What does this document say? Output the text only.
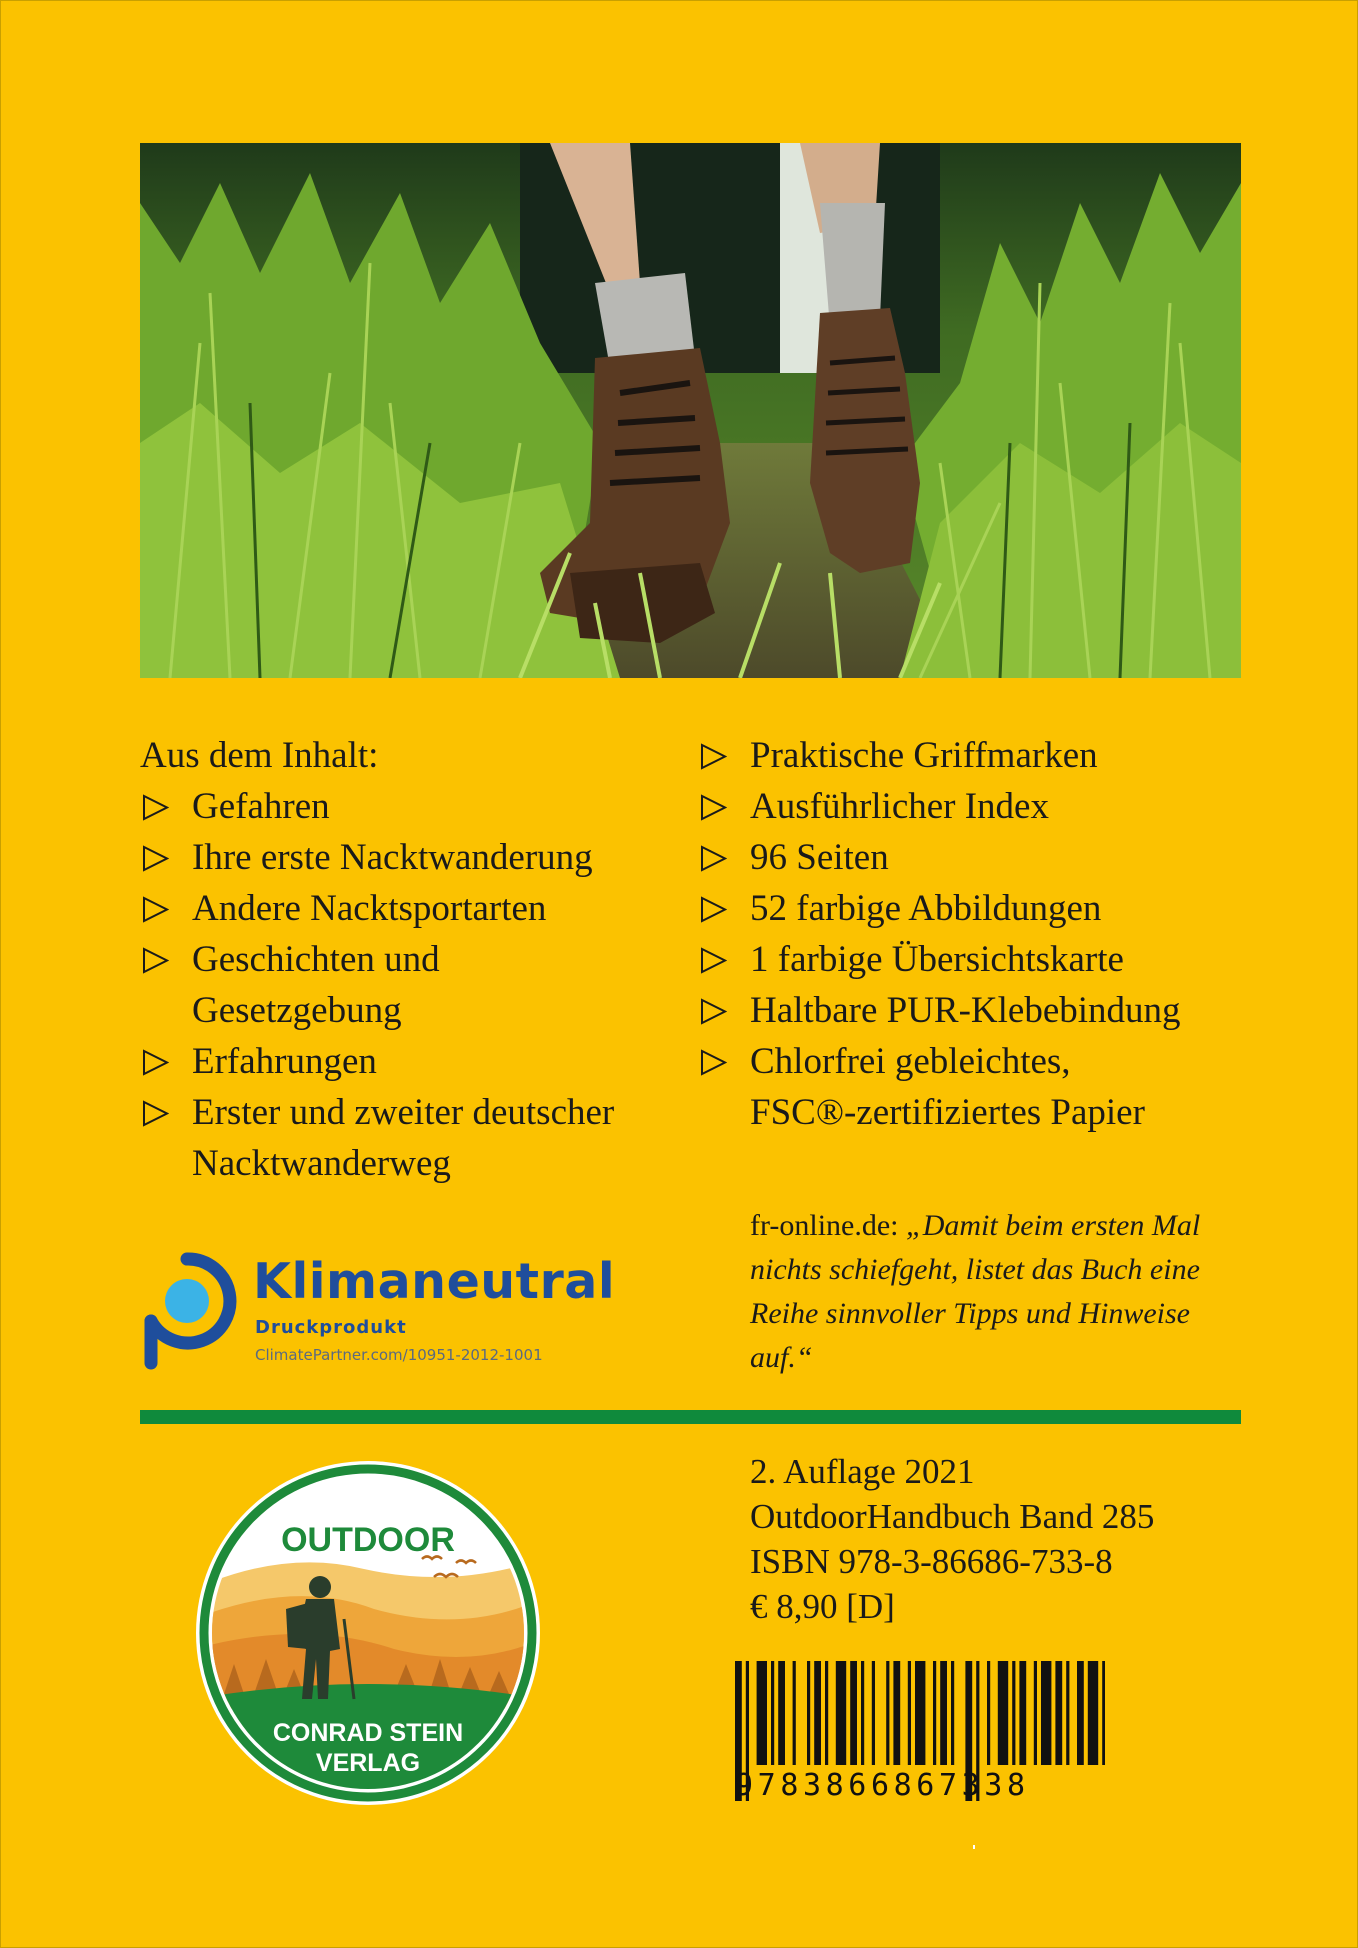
Aus dem Inhalt:
Gefahren
Ihre erste Nacktwanderung
Andere Nacktsportarten
Geschichten und
Gesetzgebung
Erfahrungen
Erster und zweiter deutscher
Nacktwanderweg
Praktische Griffmarken
Ausführlicher Index
96 Seiten
52 farbige Abbildungen
1 farbige Übersichtskarte
Haltbare PUR-Klebebindung
Chlorfrei gebleichtes,
FSC®-zertifiziertes Papier
fr-online.de: „Damit beim ersten Mal nichts schiefgeht, listet das Buch eine Reihe sinnvoller Tipps und Hinweise auf.“
Klimaneutral
Druckprodukt
ClimatePartner.com/10951-2012-1001
OUTDOOR
CONRAD STEIN
VERLAG
2. Auflage 2021
OutdoorHandbuch Band 285
ISBN 978-3-86686-733-8
€ 8,90 [D]
9783866867338
